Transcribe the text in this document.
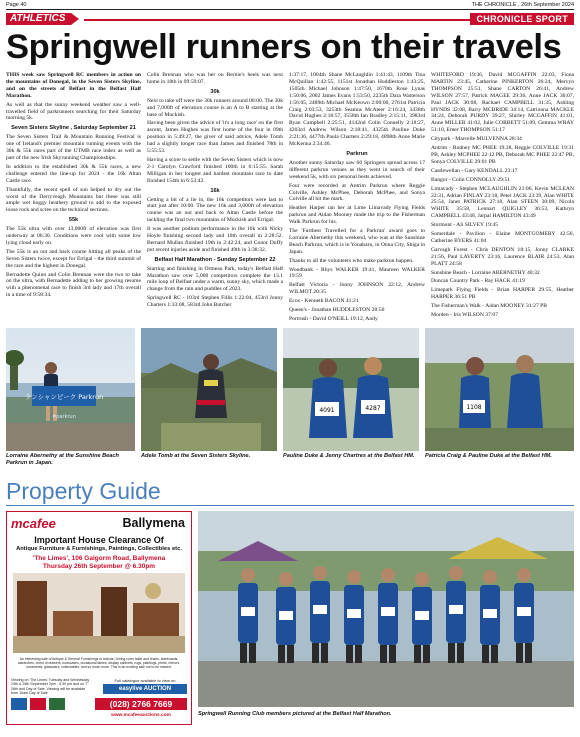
Page 40	THE CHRONICLE , 26th September 2024
ATHLETICS	CHRONICLE SPORT
Springwell runners on their travels

THIS week saw Springwell RC members in action on the mountains of Donegal, in the Seven Sisters Skyline, and on the streets of Belfast in the Belfast Half Marathon.

As well as that the sunny weekend weather saw a well-travelled field of parkrunners searching for their Saturday morning 5k.

Seven Sisters Skyline , Saturday September 21

The Seven Sisters Trail & Mountain Running Festival is one of Ireland's premier mountain running events with the 30k & 55k races part of the UTMB race index as well as part of the new Irish Skyrunning Championships.

In addition to the established 30k & 55k races, a new challenge entered the line-up for 2024 - the 16k Altan Castle race.

Thankfully, the recent spell of sun helped to dry out the worst of the Derryveagh Mountains but these was still ample wet boggy heathery ground to add to the exposed loose rock and scree on the technical sections.

55k

The 55k ultra with over 13,000ft of elevation was first underway at 06:30. Conditions were cool with some low lying cloud early on.

The 55k is an out and back course hitting all peaks of the Seven Sisters twice, except for Errigal - the third summit of the race and the highest in Donegal.

Bernadette Quinn and Colin Brennan were the two to take on the ultra, with Bernadette adding to her growing resume with a phenomenal race to finish 3rd lady and 17th overall in a time of 9:58:34.

Colin Brennan who was her on Bernie's heels was next home in 18th in 09:59:07.

30k

Next to take off were the 30k runners around 08:00. The 30k and 7,000ft of elevation course is an A to B starting at the base of Muckish.

Having been given the advice of 'it's a long race' on the first ascent, James Hughes was first home of the four in 09th position in 5:49:27, the giver of said advice, Adele Tomb had a slightly longer race than James and finished 78th in 5:55:53.

Having a score to settle with the Seven Sisters which is now 2-1 Carolyn Crawford finished 100th in 6:15:55. Sarah Milligan in her longest and hardest mountain race to date finished 154th in 6:53:42.

16k

Getting a bit of a lie in, the 16k competitors were last to start just after 10:00. The new 16k and 3,000ft of elevation course was an out and back to Altan Castle before the tackling the final two mountains of Muckish and Errigal.

It was another podium performance in the 16k with Nicky Hoyle finishing second lady and 10th overall in 2:28:52. Bernard Mullan finished 19th in 2:42:24, and Conor Duffy put recent injuries aside and finished 49th in 3:38:32.

Belfast Half Marathon - Sunday September 22

Starting and finishing in Ormeau Park, today's Belfast Half Marathon saw over 5,000 competitors complete the 13.1 mile loop of Belfast under a warm, sunny sky, which made a change from the rain and puddles of 2023.

Springwell RC - 103rd Stephen Fillis 1:22:04, 453rd Jonny Charters 1:33:08, 583rd John Butcher

1:37:17, 1004th Shane McLaughlin 1:41:43, 1109th Tina McQuillan 1:42:55, 1151st Jonathan Huddleston 1:43:25, 1505th Michael Johnson 1:47:50, 1670th Rose Lynas 1:50:06, 2002 James Evans 1:53:50, 2235th Dara Watterson 1:56:05, 2489th Michael McKeown 2:00:00, 2761st Patricia Craig 2:03:53, 3253th Seamus McAteer 2:16:24, 3438th David Hughes 2:18:57, 3558th Ian Bradley 2:15:11, 3983rd Ryan Campbell 2:25:51, 4142nd Colin Connelly 2:18:27, 4203rd Andrew Wilson 2:18:41, 4325th Pauline Duke 2:21:36, 4477th Paula Charters 2:29:18, 4898th Anne Marie McKenna 2:34:40.

Parkrun

Another sunny Saturday saw 60 Springers spread across 17 different parkrun venues as they went in search of their weekend 5k, with six personal bests achieved.

Four were recorded at Antrim Parkrun where Reggie Colville, Ashley McPhee, Deborah McPhee, and Sonya Colville all hit the mark.

Heather Harper ran her at Lime Limavady Flying Fields parkrun and Aidan Mooney made the trip to the Fisherman Walk Parkrun for his.

The 'Furthest Travelled for a Parkrun' award goes to Lorraine Abernethy this weekend, who was at the Sunshine Beach Parkrun, which is in Yonabaru, in Onna City, Shiga in Japan.

Thanks to all the volunteers who make parkrun happen.

Woodbank - Rhys WALKER 19:41, Maureen WALKER 19:59

Belfast Victoria - Jonny JOHNSON 22:12, Andrew WILMOT 20:35

Ecos - Kenneth BACON 41:21

Queen's - Jonathan HUDDLESTON 28:50

Portrush - David O'NEILL 19:12, Andy

WHITEFORD 19:36, David MCGAFFIN 22:03, Fiona MARTIN 23:45, Catherine PINKERTON 26:24, Mervyn THOMPSON 25:51, Shane CARTON 26:41, Andrew WILSON 27:57, Patrick MAGEE 29:36, Anne JACK 30:07, Paul JACK 30:08, Rachael CAMPBELL 31:35, Ashling HYNDS 32:08, Barry MCBRIDE 34:14, Catrionna MACKLE 34:24, Deborah PURDY 39:27, Shirley MCGAFFIN 41:01, Anne MILLER 41:02, Julie CORBETT 51:09, Gemma WRAY 51:10, Emer THOMPSON 51:17

Citypark - Marcelle MULVENNA 28:34

Antrim - Rodney MC PHEE 19:28, Reggie COLVILLE 19:31 PB, Ashley MCPHEE 22:12 PB, Deborah MC PHEE 22:47 PB, Sonya COLVILLE 29:01 PB

Castlewellan - Gary KENDALL 23:17

Bangor - Colin CONNOLLY 29:51

Limavady - Stephen MCLAUGHLIN 21:06, Kevin MCLEAN 22:31, Adrian FINLAY 23:18, Peter JACK 23:39, Alan WHITE 25:54, Janet PATRICK 27:18, Alan STEEN 30:09, Nicola WHITE 35:58, Lennart QUIGLEY 36:53, Kathryn CAMPBELL 43:48, Jarpal HAMILTON 43:49

Stormont - Ali SILVEY 19:45

Somerdale - Pavilion - Elaine MONTGOMERY 42:56, Catherine BYERS 41:04

Garvagh Forest - Chris DENTON 18:15, Jonny CLARKE 21:56, Paul LAVERTY 23:16, Laurence BLAIR 24:53, Alan PLATT 24:58

Sunshine Beach - Lorraine ABERNETHY 40:32

Duncan Country Park - Ray HACK 41:19

Limepark Flying Fields - Brian HARPER 29:55, Heather HARPER 36:51 PB

The Fisherman's Walk - Aidan MOONEY 31:27 PB

Morden - Iris WILSON 37:07

ランシャンピーク Parkrun
#parkrun
Lorraine Abernethy at the Sunshine Beach Parkrun in Japan.
Adele Tomb at the Seven Sisters Skyline.
4091	4287
Pauline Duke & Jenny Chartres at the Belfast HM.
1108
Patricia Craig & Pauline Duke at the Belfast HM.
Property Guide
mcafee	Ballymena
Important House Clearance Of
Antique Furniture & Furnishings, Paintings, Collectibles etc.
'The Limes', 106 Galgorm Road, Ballymena
Thursday 26th September @ 6.30pm
An interesting sale of Antique & General Furnishings to include; Dining room table and chairs, sideboards, wardrobes, chest of drawers, bookcases, occasional tables, display cabinets, rugs, paintings, prints, mirrors, ornaments, glassware, collectables, and so much more. This is an exciting sale not to be missed.
Viewing on 'The Limes' Tuesday and Wednesday 24th & 25th September 2pm - 5.30 pm and on 'T' 26th and Day of Sale. Viewing will be available from 10am Day of Sale
Full catalogue available to view on
easylive AUCTION
(028) 2766 7669
www.mcafeeauctions.com	Springwell Running Club members pictured at the Belfast Half Marathon.
